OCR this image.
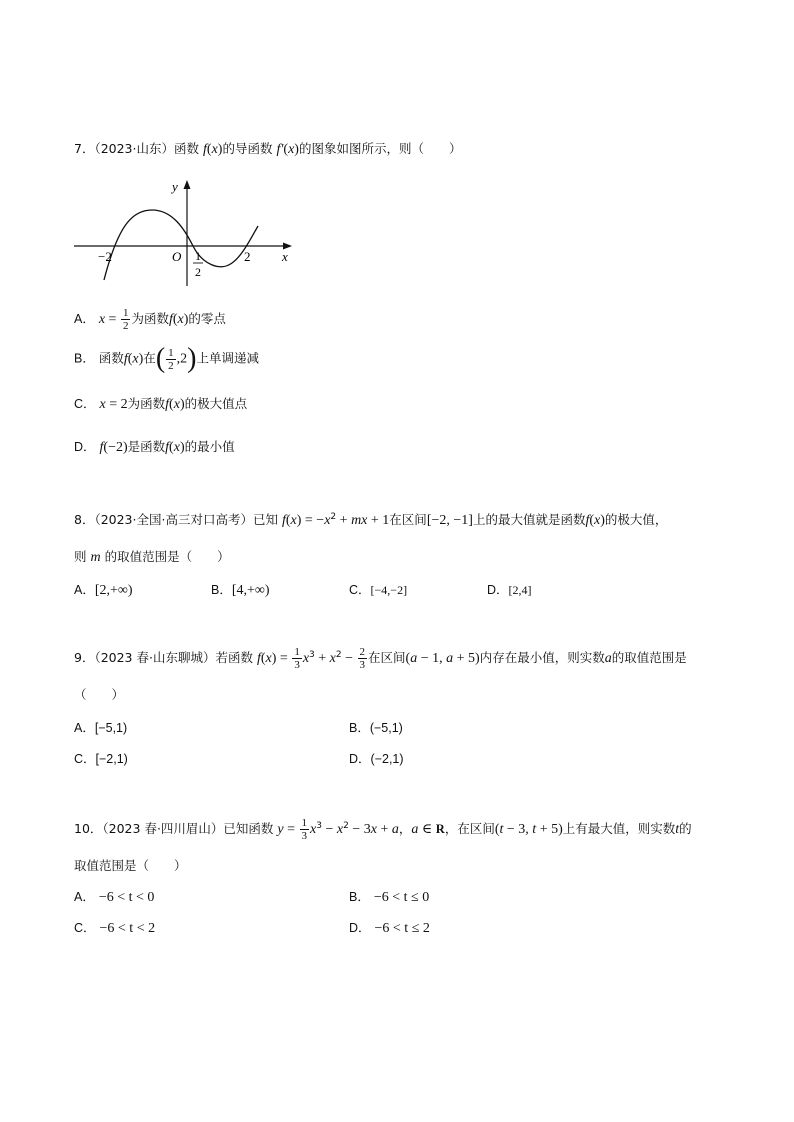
7．（2023·山东）函数 f(x)的导函数 f′(x)的图象如图所示，则（　　）
y
x
O
−2	2
1
2
A． $x = \frac{1}{2}$ 为函数f(x)的零点
B． 函数f(x)在( $\frac{1}{2} ,2$)上单调递减
C． x = 2为函数f(x)的极大值点
D． f(−2)是函数f(x)的最小值
8．（2023·全国·高三对口高考）已知 $f(x) = -x^2$ + mx + 1在区间[−2, −1]上的最大值就是函数f(x)的极大值，
则 m 的取值范围是（　　）
A．[2,+∞)	B．[4,+∞)	C．[−4,−2]	D．[2,4]
9．（2023 春·山东聊城）若函数 $f(x) = \frac{1}{3} x^3 + x^2 - \frac{2}{3}$ 在区间(a − 1, a + 5)内存在最小值，则实数a的取值范围是
（　　）
A．[−5,1)	B．(−5,1)
C．[−2,1)	D．(−2,1)
10．（2023 春·四川眉山）已知函数 $y = \frac{1}{3} x^3 - x^2 - 3x + a$，a ∈ R，在区间(t − 3, t + 5)上有最大值，则实数t的
取值范围是（　　）
A． −6 < t < 0	B． −6 < t ≤ 0
C． −6 < t < 2	D． −6 < t ≤ 2
